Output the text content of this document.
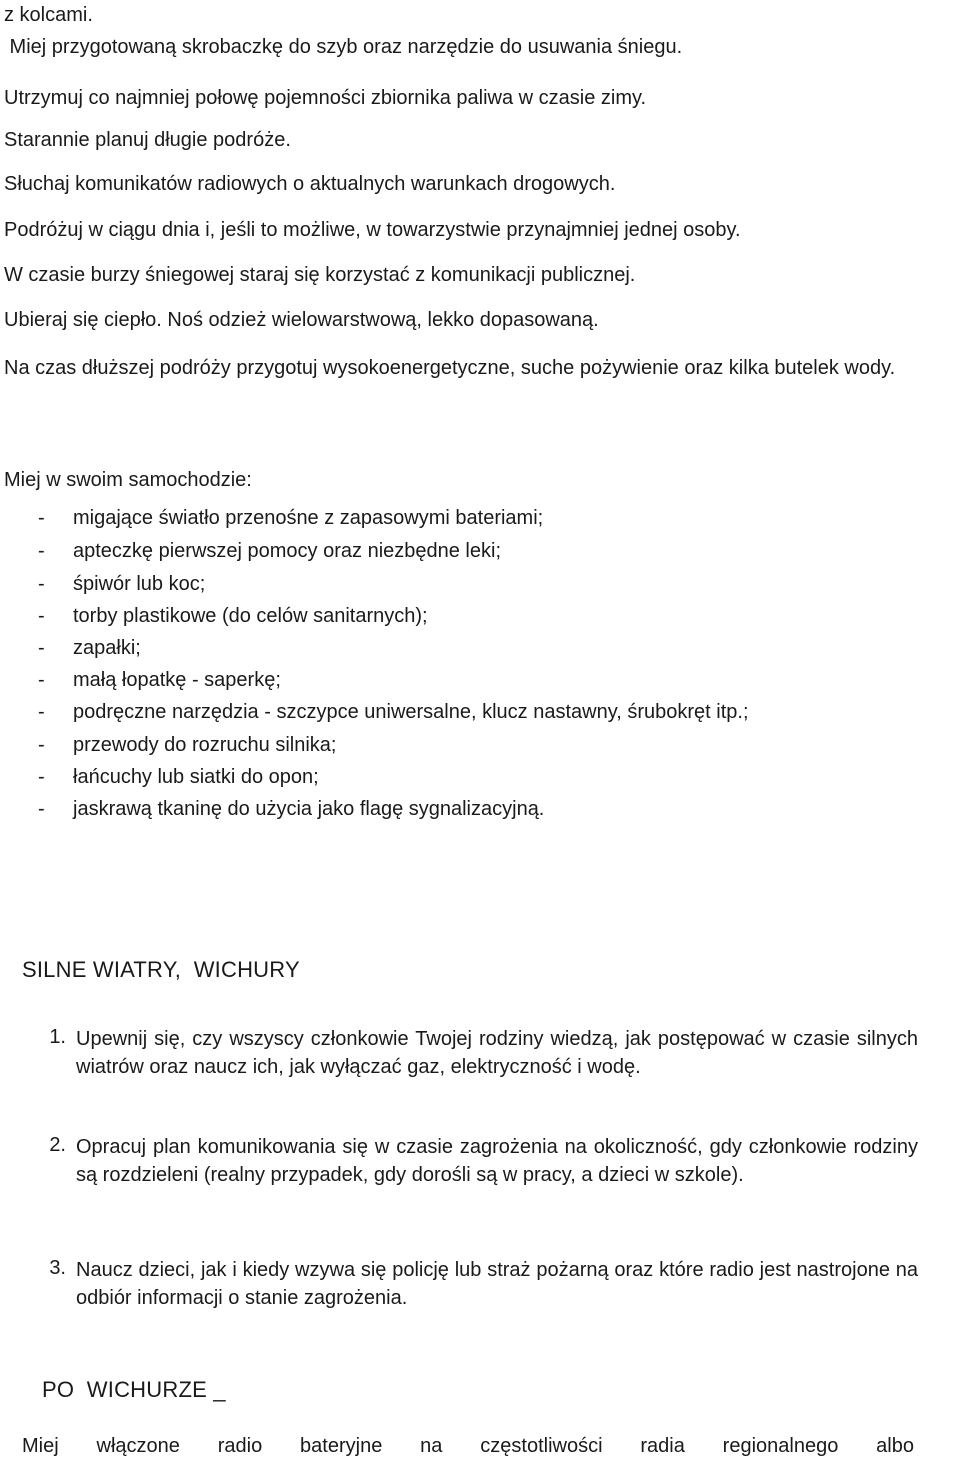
z kolcami.
Miej przygotowaną skrobaczkę do szyb oraz narzędzie do usuwania śniegu.
Utrzymuj co najmniej połowę pojemności zbiornika paliwa w czasie zimy.
Starannie planuj długie podróże.
Słuchaj komunikatów radiowych o aktualnych warunkach drogowych.
Podróżuj w ciągu dnia i, jeśli to możliwe, w towarzystwie przynajmniej jednej osoby.
W czasie burzy śniegowej staraj się korzystać z komunikacji publicznej.
Ubieraj się ciepło. Noś odzież wielowarstwową, lekko dopasowaną.
Na czas dłuższej podróży przygotuj wysokoenergetyczne, suche pożywienie oraz kilka butelek wody.
Miej w swoim samochodzie:
- migające światło przenośne z zapasowymi bateriami;
- apteczkę pierwszej pomocy oraz niezbędne leki;
- śpiwór lub koc;
- torby plastikowe (do celów sanitarnych);
- zapałki;
- małą łopatkę - saperkę;
- podręczne narzędzia - szczypce uniwersalne, klucz nastawny, śrubokręt itp.;
- przewody do rozruchu silnika;
- łańcuchy lub siatki do opon;
- jaskrawą tkaninę do użycia jako flagę sygnalizacyjną.
SILNE WIATRY,  WICHURY
1. Upewnij się, czy wszyscy członkowie Twojej rodziny wiedzą, jak postępować w czasie silnych wiatrów oraz naucz ich, jak wyłączać gaz, elektryczność i wodę.
2. Opracuj plan komunikowania się w czasie zagrożenia na okoliczność, gdy członkowie rodziny są rozdzieleni (realny przypadek, gdy dorośli są w pracy, a dzieci w szkole).
3. Naucz dzieci, jak i kiedy wzywa się policję lub straż pożarną oraz które radio jest nastrojone na odbiór informacji o stanie zagrożenia.
PO  WICHURZE _
Miej włączone radio bateryjne na częstotliwości radia regionalnego albo
